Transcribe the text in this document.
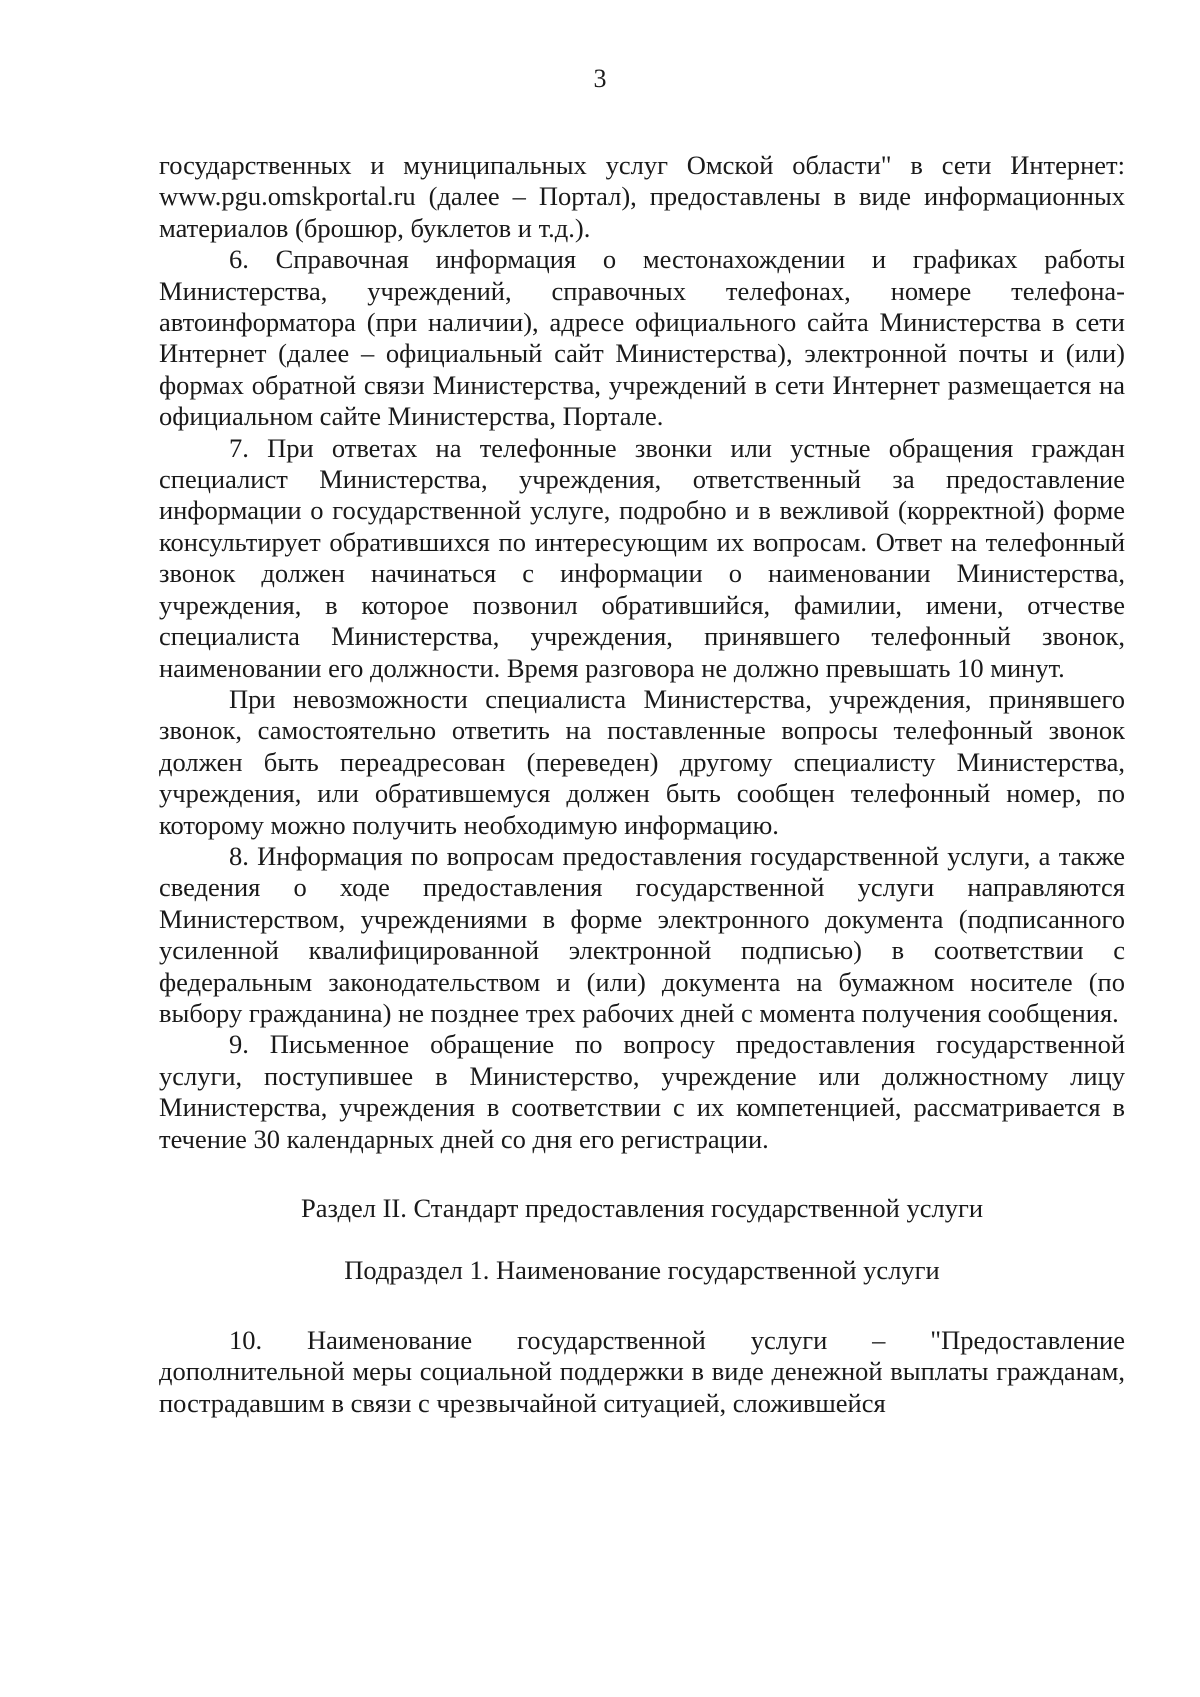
3

государственных и муниципальных услуг Омской области" в сети Интернет: www.pgu.omskportal.ru (далее – Портал), предоставлены в виде информационных материалов (брошюр, буклетов и т.д.).

6. Справочная информация о местонахождении и графиках работы Министерства, учреждений, справочных телефонах, номере телефона-автоинформатора (при наличии), адресе официального сайта Министерства в сети Интернет (далее – официальный сайт Министерства), электронной почты и (или) формах обратной связи Министерства, учреждений в сети Интернет размещается на официальном сайте Министерства, Портале.

7. При ответах на телефонные звонки или устные обращения граждан специалист Министерства, учреждения, ответственный за предоставление информации о государственной услуге, подробно и в вежливой (корректной) форме консультирует обратившихся по интересующим их вопросам. Ответ на телефонный звонок должен начинаться с информации о наименовании Министерства, учреждения, в которое позвонил обратившийся, фамилии, имени, отчестве специалиста Министерства, учреждения, принявшего телефонный звонок, наименовании его должности. Время разговора не должно превышать 10 минут.

При невозможности специалиста Министерства, учреждения, принявшего звонок, самостоятельно ответить на поставленные вопросы телефонный звонок должен быть переадресован (переведен) другому специалисту Министерства, учреждения, или обратившемуся должен быть сообщен телефонный номер, по которому можно получить необходимую информацию.

8. Информация по вопросам предоставления государственной услуги, а также сведения о ходе предоставления государственной услуги направляются Министерством, учреждениями в форме электронного документа (подписанного усиленной квалифицированной электронной подписью) в соответствии с федеральным законодательством и (или) документа на бумажном носителе (по выбору гражданина) не позднее трех рабочих дней с момента получения сообщения.

9. Письменное обращение по вопросу предоставления государственной услуги, поступившее в Министерство, учреждение или должностному лицу Министерства, учреждения в соответствии с их компетенцией, рассматривается в течение 30 календарных дней со дня его регистрации.

Раздел II. Стандарт предоставления государственной услуги

Подраздел 1. Наименование государственной услуги

10. Наименование государственной услуги – "Предоставление дополнительной меры социальной поддержки в виде денежной выплаты гражданам, пострадавшим в связи с чрезвычайной ситуацией, сложившейся
